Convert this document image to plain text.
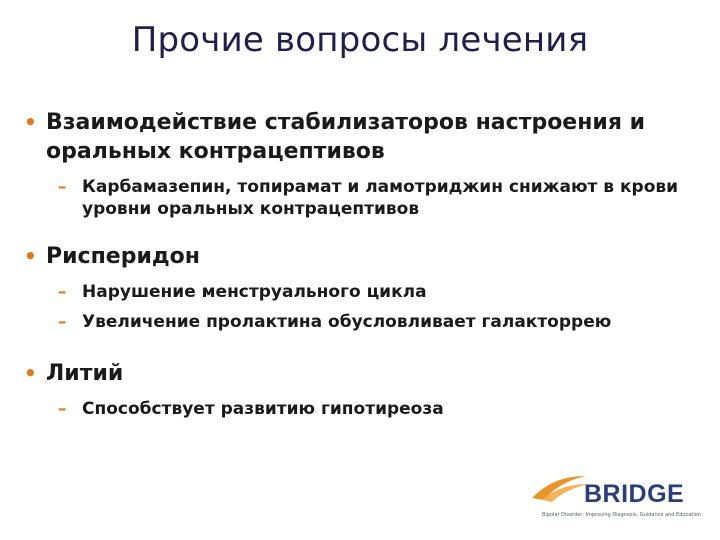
Прочие вопросы лечения
• Взаимодействие стабилизаторов настроения и оральных контрацептивов
– Карбамазепин, топирамат и ламотриджин снижают в крови уровни оральных контрацептивов
• Рисперидон
– Нарушение менструального цикла
– Увеличение пролактина обусловливает галакторрею
• Литий
– Способствует развитию гипотиреоза
BRIDGE
Bipolar Disorder: Improving Diagnosis, Guidance and Education
